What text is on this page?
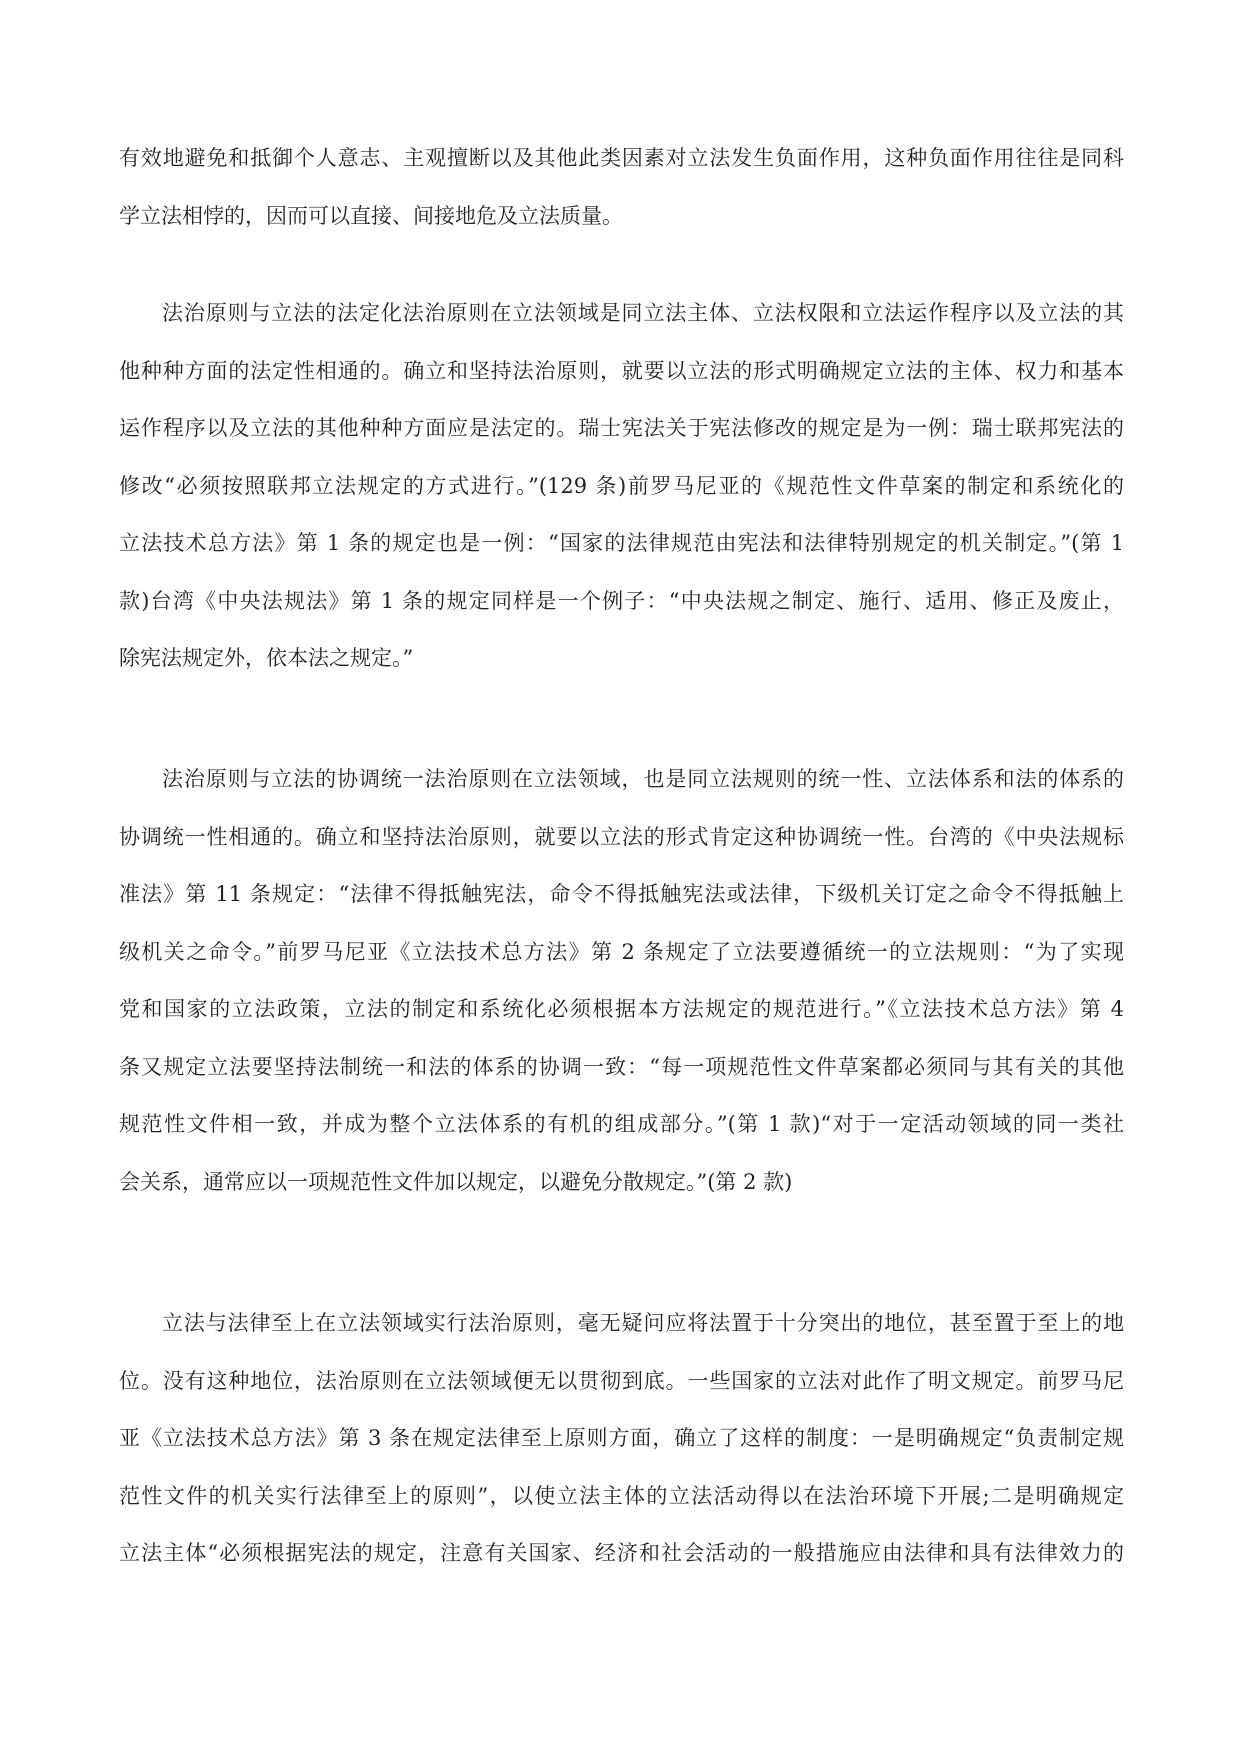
有效地避免和抵御个人意志、主观擅断以及其他此类因素对立法发生负面作用，这种负面作用往往是同科
学立法相悖的，因而可以直接、间接地危及立法质量。
法治原则与立法的法定化法治原则在立法领域是同立法主体、立法权限和立法运作程序以及立法的其
他种种方面的法定性相通的。确立和坚持法治原则，就要以立法的形式明确规定立法的主体、权力和基本
运作程序以及立法的其他种种方面应是法定的。瑞士宪法关于宪法修改的规定是为一例：瑞士联邦宪法的
修改“必须按照联邦立法规定的方式进行。”(129 条)前罗马尼亚的《规范性文件草案的制定和系统化的
立法技术总方法》第 1 条的规定也是一例：“国家的法律规范由宪法和法律特别规定的机关制定。”(第 1
款)台湾《中央法规法》第 1 条的规定同样是一个例子：“中央法规之制定、施行、适用、修正及废止，
除宪法规定外，依本法之规定。”
法治原则与立法的协调统一法治原则在立法领域，也是同立法规则的统一性、立法体系和法的体系的
协调统一性相通的。确立和坚持法治原则，就要以立法的形式肯定这种协调统一性。台湾的《中央法规标
准法》第 11 条规定：“法律不得抵触宪法，命令不得抵触宪法或法律，下级机关订定之命令不得抵触上
级机关之命令。”前罗马尼亚《立法技术总方法》第 2 条规定了立法要遵循统一的立法规则：“为了实现
党和国家的立法政策，立法的制定和系统化必须根据本方法规定的规范进行。”《立法技术总方法》第 4
条又规定立法要坚持法制统一和法的体系的协调一致：“每一项规范性文件草案都必须同与其有关的其他
规范性文件相一致，并成为整个立法体系的有机的组成部分。”(第 1 款)“对于一定活动领域的同一类社
会关系，通常应以一项规范性文件加以规定，以避免分散规定。”(第 2 款)
立法与法律至上在立法领域实行法治原则，毫无疑问应将法置于十分突出的地位，甚至置于至上的地
位。没有这种地位，法治原则在立法领域便无以贯彻到底。一些国家的立法对此作了明文规定。前罗马尼
亚《立法技术总方法》第 3 条在规定法律至上原则方面，确立了这样的制度：一是明确规定“负责制定规
范性文件的机关实行法律至上的原则”，以使立法主体的立法活动得以在法治环境下开展;二是明确规定
立法主体“必须根据宪法的规定，注意有关国家、经济和社会活动的一般措施应由法律和具有法律效力的
